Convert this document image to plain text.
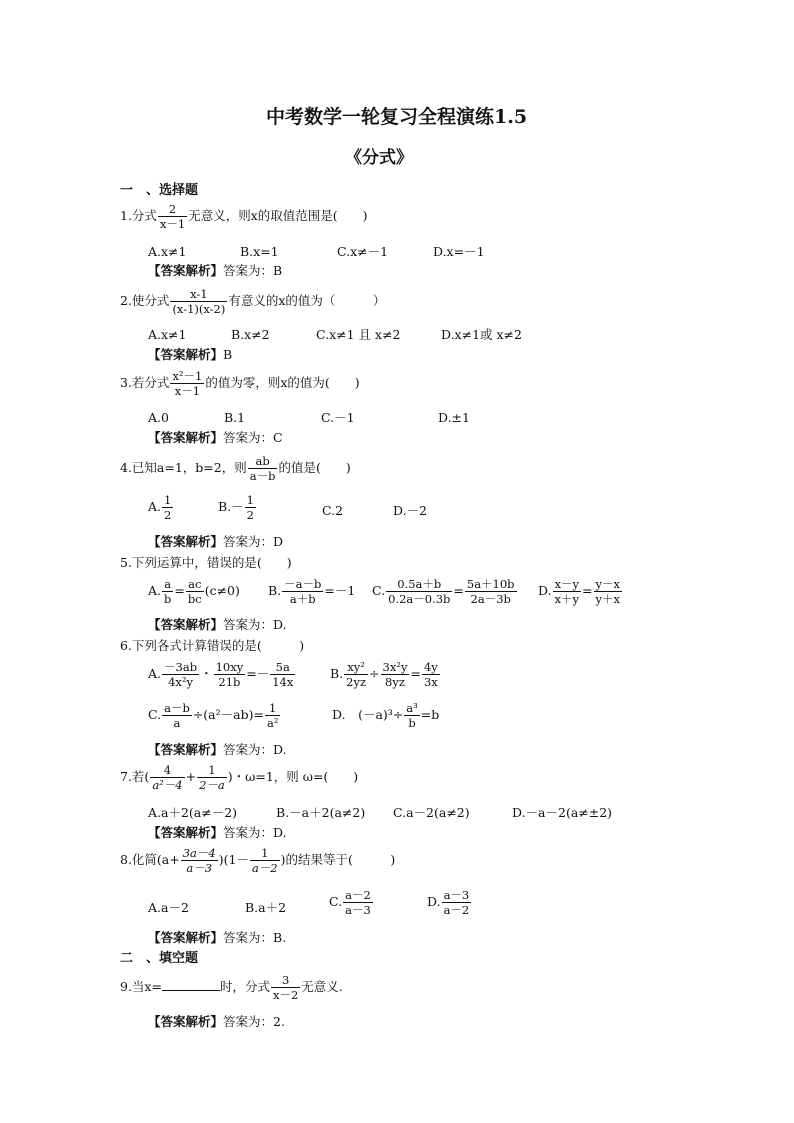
中考数学一轮复习全程演练1.5
《分式》
一　、选择题
1.分式 $\frac{2}{x-1}$ 无意义，则x的取值范围是(　　)
A.x≠1	B.x=1	C.x≠－1	D.x=－1
【答案解析】答案为：B
2.使分式 $\frac{x-1}{(x-1)(x-2)}$ 有意义的x的值为（　　　）
A.x≠1	B.x≠2	C.x≠1 且 x≠2	D.x≠1或 x≠2
【答案解析】B
3.若分式 $\frac{\text{x²－1}}{x-1}$ 的值为零，则x的值为(　　)
A.0	B.1	C.－1	D.±1
【答案解析】答案为：C
4.已知a=1，b=2，则 $\frac{ab}{a-b}$ 的值是(　　)
A. $\frac{1}{2}$	$B.- \frac{1}{2}$	C.2	D.－2
【答案解析】答案为：D
5.下列运算中，错误的是(　　)
A. $\frac{a}{b} = \frac{ac}{bc} (c\ne 0)$ B. $\frac{-a-b}{a+b} =-1$ C. $\frac{0.5a+b}{0.2a-0.3b} = \frac{5a+10b}{2a-3b} D$. $\frac{x-y}{x+y} = \frac{y-x}{y+x}$
【答案解析】答案为：D.
6.下列各式计算错误的是(　　　)
A. $\frac{-3ab}{\text{4x²y}}$ ・ $\frac{10xy}{21b} =- \frac{5a}{14x}$	B. $\frac{\text{xy²}}{2yz} \div \frac{\text{3x²y}}{8yz} = \frac{4y}{3x}$
C. $\frac{a-b}{a} \div(a^2-ab)= \frac{1}{\text{a²}}$	D.　 $(-a)^3\div \frac{\text{a³}}{b} =b$
【答案解析】答案为：D.
7.若( $\frac{4}{\text{a²－4}} + \frac{1}{2-a}$ )・ω=1，则 ω=(　　)
A.a＋2(a≠－2)	B.－a＋2(a≠2) C.a－2(a≠2)	D.－a－2(a≠±2)
【答案解析】答案为：D.
8.化简$(a+ \frac{3a-4}{a-3} )(1- \frac{1}{a-2}$ )的结果等于(　　　)
A.a－2	B.a＋2	C. $\frac{a-2}{a-3}$	D. $\frac{a-3}{a-2}$
【答案解析】答案为：B.
二　、填空题
9.当x=	时，分式 $\frac{3}{x-2}$ 无意义.
【答案解析】答案为：2.
